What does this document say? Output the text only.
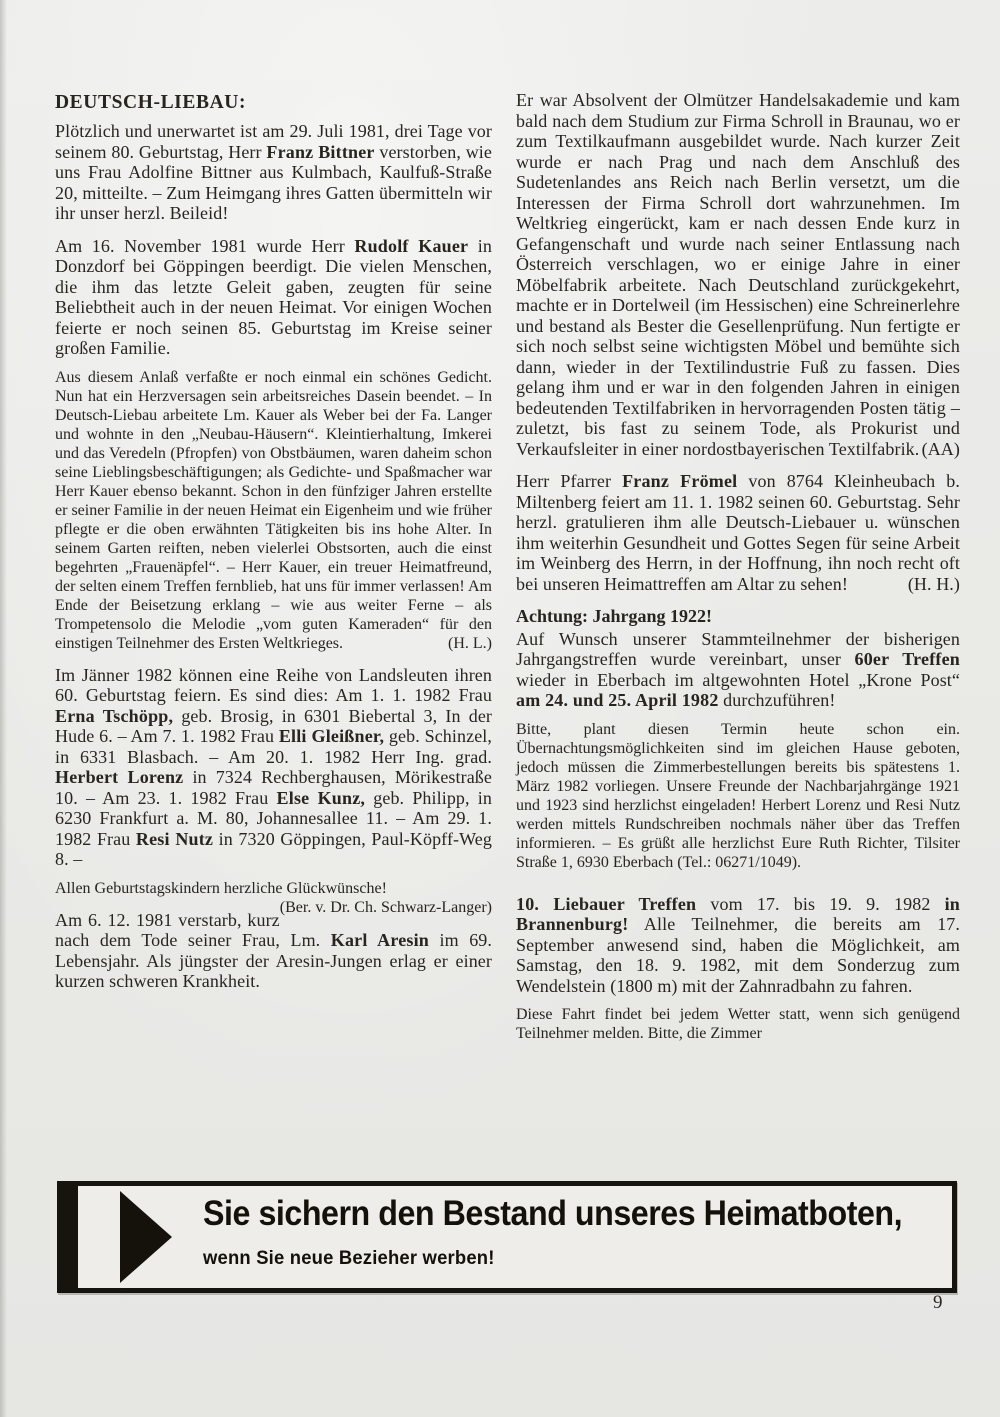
DEUTSCH-LIEBAU:

Plötzlich und unerwartet ist am 29. Juli 1981, drei Tage vor seinem 80. Geburtstag, Herr Franz Bittner verstorben, wie uns Frau Adolfine Bittner aus Kulmbach, Kaulfuß-Straße 20, mitteilte. – Zum Heimgang ihres Gatten übermitteln wir ihr unser herzl. Beileid!

Am 16. November 1981 wurde Herr Rudolf Kauer in Donzdorf bei Göppingen beerdigt. Die vielen Menschen, die ihm das letzte Geleit gaben, zeugten für seine Beliebtheit auch in der neuen Heimat. Vor einigen Wochen feierte er noch seinen 85. Geburtstag im Kreise seiner großen Familie.

Aus diesem Anlaß verfaßte er noch einmal ein schönes Gedicht. Nun hat ein Herzversagen sein arbeitsreiches Dasein beendet. – In Deutsch-Liebau arbeitete Lm. Kauer als Weber bei der Fa. Langer und wohnte in den „Neubau-Häusern“. Kleintierhaltung, Imkerei und das Veredeln (Pfropfen) von Obstbäumen, waren daheim schon seine Lieblingsbeschäftigungen; als Gedichte- und Spaßmacher war Herr Kauer ebenso bekannt. Schon in den fünfziger Jahren erstellte er seiner Familie in der neuen Heimat ein Eigenheim und wie früher pflegte er die oben erwähnten Tätigkeiten bis ins hohe Alter. In seinem Garten reiften, neben vielerlei Obstsorten, auch die einst begehrten „Frauenäpfel“. – Herr Kauer, ein treuer Heimatfreund, der selten einem Treffen fernblieb, hat uns für immer verlassen! Am Ende der Beisetzung erklang – wie aus weiter Ferne – als Trompetensolo die Melodie „vom guten Kameraden“ für den einstigen Teilnehmer des Ersten Weltkrieges.	(H. L.)

Im Jänner 1982 können eine Reihe von Landsleuten ihren 60. Geburtstag feiern. Es sind dies: Am 1. 1. 1982 Frau Erna Tschöpp, geb. Brosig, in 6301 Biebertal 3, In der Hude 6. – Am 7. 1. 1982 Frau Elli Gleißner, geb. Schinzel, in 6331 Blasbach. – Am 20. 1. 1982 Herr Ing. grad. Herbert Lorenz in 7324 Rechberghausen, Mörikestraße 10. – Am 23. 1. 1982 Frau Else Kunz, geb. Philipp, in 6230 Frankfurt a. M. 80, Johannesallee 11. – Am 29. 1. 1982 Frau Resi Nutz in 7320 Göppingen, Paul-Köpff-Weg 8. –

Allen Geburtstagskindern herzliche Glückwünsche!
(Ber. v. Dr. Ch. Schwarz-Langer)

Am 6. 12. 1981 verstarb, kurz nach dem Tode seiner Frau, Lm. Karl Aresin im 69. Lebensjahr. Als jüngster der Aresin-Jungen erlag er einer kurzen schweren Krankheit.

Er war Absolvent der Olmützer Handelsakademie und kam bald nach dem Studium zur Firma Schroll in Braunau, wo er zum Textilkaufmann ausgebildet wurde. Nach kurzer Zeit wurde er nach Prag und nach dem Anschluß des Sudetenlandes ans Reich nach Berlin versetzt, um die Interessen der Firma Schroll dort wahrzunehmen. Im Weltkrieg eingerückt, kam er nach dessen Ende kurz in Gefangenschaft und wurde nach seiner Entlassung nach Österreich verschlagen, wo er einige Jahre in einer Möbelfabrik arbeitete. Nach Deutschland zurückgekehrt, machte er in Dortelweil (im Hessischen) eine Schreinerlehre und bestand als Bester die Gesellenprüfung. Nun fertigte er sich noch selbst seine wichtigsten Möbel und bemühte sich dann, wieder in der Textilindustrie Fuß zu fassen. Dies gelang ihm und er war in den folgenden Jahren in einigen bedeutenden Textilfabriken in hervorragenden Posten tätig – zuletzt, bis fast zu seinem Tode, als Prokurist und Verkaufsleiter in einer nordostbayerischen Textilfabrik. (AA)

Herr Pfarrer Franz Frömel von 8764 Kleinheubach b. Miltenberg feiert am 11. 1. 1982 seinen 60. Geburtstag. Sehr herzl. gratulieren ihm alle Deutsch-Liebauer u. wünschen ihm weiterhin Gesundheit und Gottes Segen für seine Arbeit im Weinberg des Herrn, in der Hoffnung, ihn noch recht oft bei unseren Heimattreffen am Altar zu sehen!	(H. H.)

Achtung: Jahrgang 1922!

Auf Wunsch unserer Stammteilnehmer der bisherigen Jahrgangstreffen wurde vereinbart, unser 60er Treffen wieder in Eberbach im altgewohnten Hotel „Krone Post“ am 24. und 25. April 1982 durchzuführen!

Bitte, plant diesen Termin heute schon ein. Übernachtungsmöglichkeiten sind im gleichen Hause geboten, jedoch müssen die Zimmerbestellungen bereits bis spätestens 1. März 1982 vorliegen. Unsere Freunde der Nachbarjahrgänge 1921 und 1923 sind herzlichst eingeladen! Herbert Lorenz und Resi Nutz werden mittels Rundschreiben nochmals näher über das Treffen informieren. – Es grüßt alle herzlichst Eure Ruth Richter, Tilsiter Straße 1, 6930 Eberbach (Tel.: 06271/1049).

10. Liebauer Treffen vom 17. bis 19. 9. 1982 in Brannenburg! Alle Teilnehmer, die bereits am 17. September anwesend sind, haben die Möglichkeit, am Samstag, den 18. 9. 1982, mit dem Sonderzug zum Wendelstein (1800 m) mit der Zahnradbahn zu fahren.

Diese Fahrt findet bei jedem Wetter statt, wenn sich genügend Teilnehmer melden. Bitte, die Zimmer

Sie sichern den Bestand unseres Heimatboten,
wenn Sie neue Bezieher werben!
9
